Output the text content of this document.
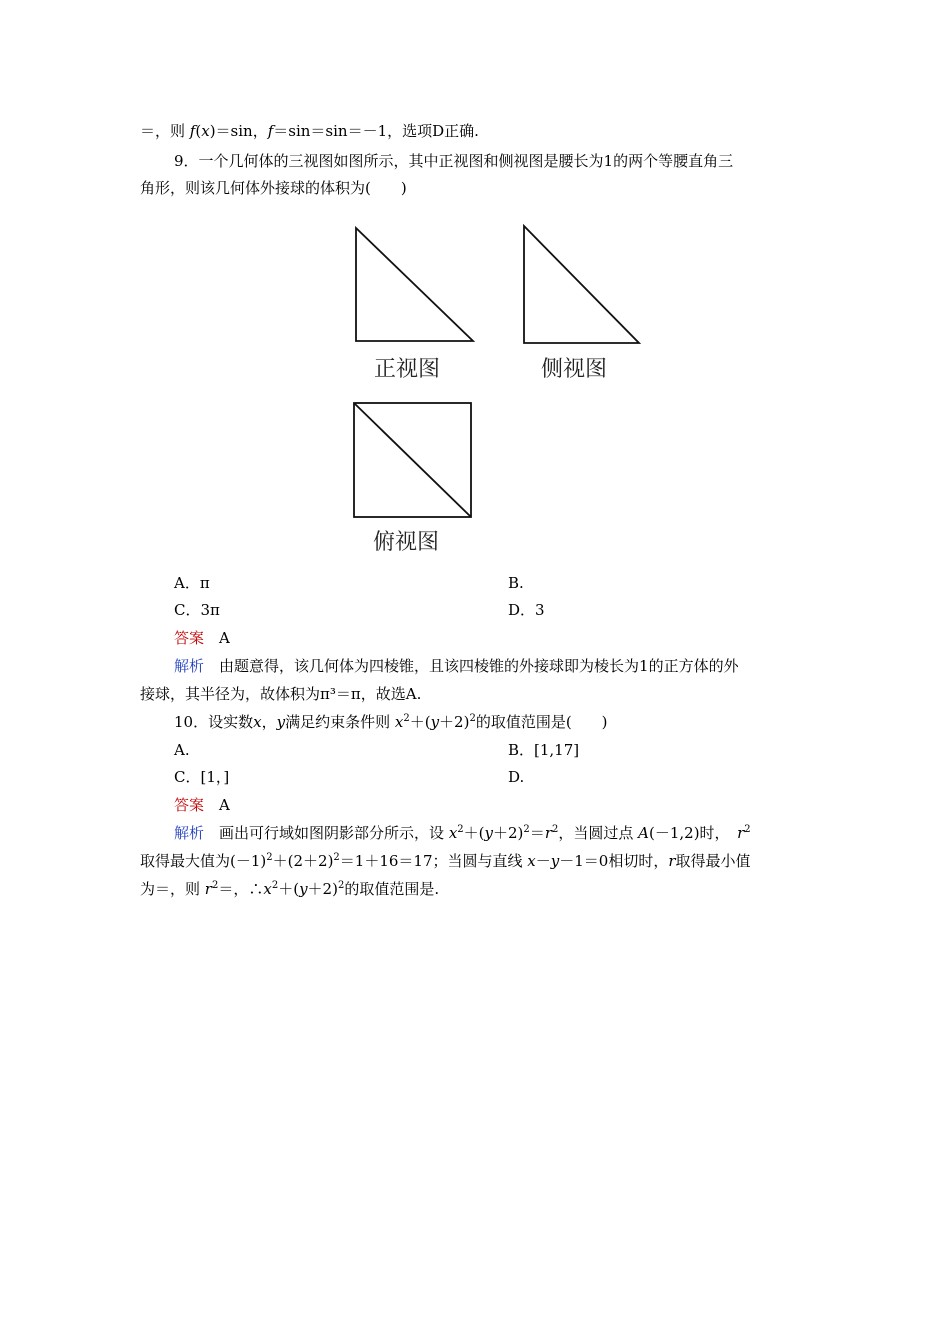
＝，则 f(x)＝sin，f＝sin＝sin＝－1，选项D正确.
9．一个几何体的三视图如图所示，其中正视图和侧视图是腰长为1的两个等腰直角三
角形，则该几何体外接球的体积为(　　)
正视图	侧视图
俯视图
A．π	B.
C．3π	D．3
答案　 A
解析　 由题意得，该几何体为四棱锥，且该四棱锥的外接球即为棱长为1的正方体的外
接球，其半径为，故体积为π³＝π，故选A.
10．设实数x，y满足约束条件则 $x^2+(y+2)^2$的取值范围是(　　)
A.	B．[1,17]
C．[1，]	D.
答案　 A
解析　 画出可行域如图阴影部分所示，设 $x^2+(y+2)^2=r^2$，当圆过点 A(－1,2)时，　 $r^2$
取得最大值为$(-1)^2+(2+2)^2=1+16=17$；当圆与直线 x－y－1＝0相切时，r取得最小值
为＝，则 $r^2=$，$\therefore x^2+(y+2)^2$的取值范围是.
